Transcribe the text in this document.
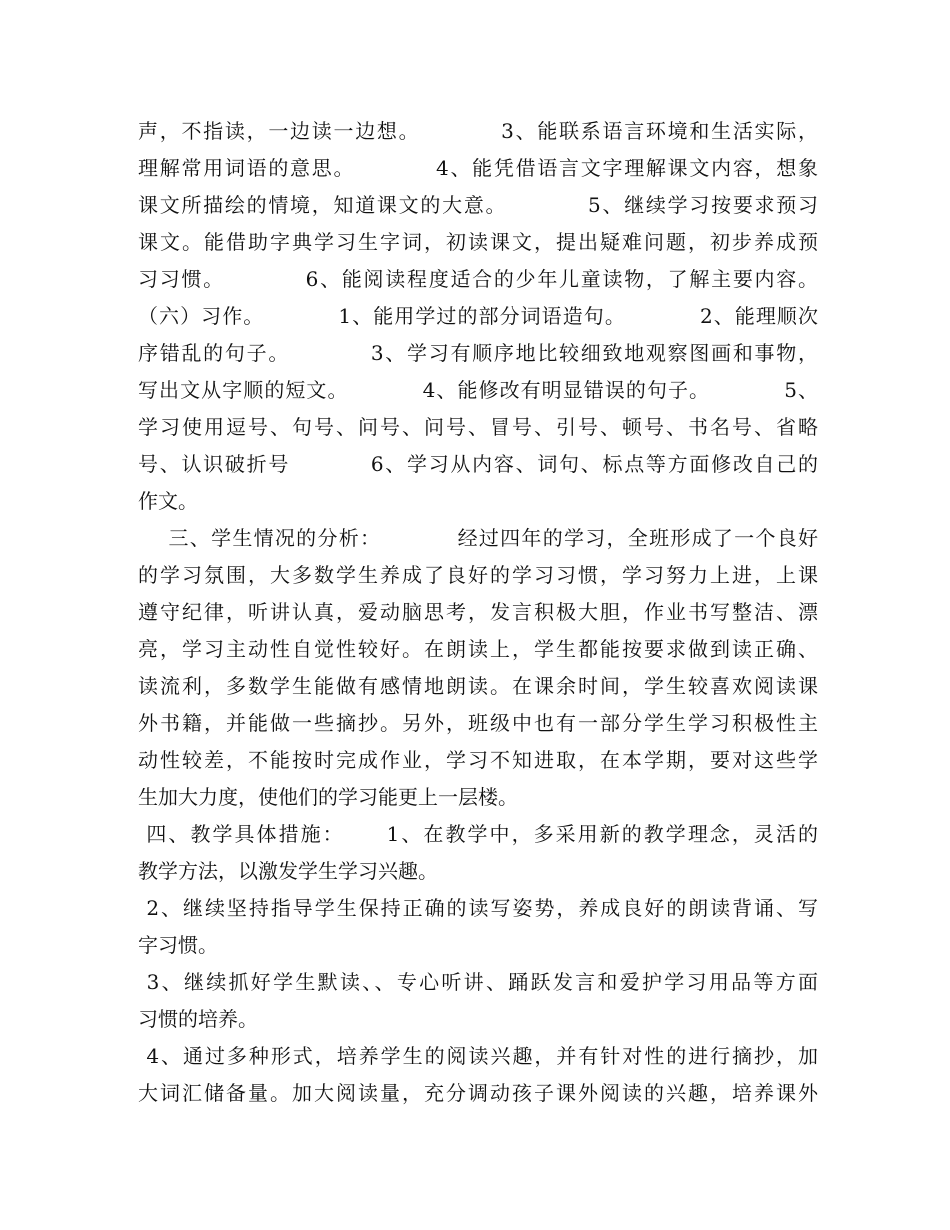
声，不指读，一边读一边想。          3、能联系语言环境和生活实际，
理解常用词语的意思。          4、能凭借语言文字理解课文内容，想象
课文所描绘的情境，知道课文的大意。          5、继续学习按要求预习
课文。能借助字典学习生字词，初读课文，提出疑难问题，初步养成预
习习惯。          6、能阅读程度适合的少年儿童读物，了解主要内容。
（六）习作。          1、能用学过的部分词语造句。          2、能理顺次
序错乱的句子。          3、学习有顺序地比较细致地观察图画和事物，
写出文从字顺的短文。          4、能修改有明显错误的句子。          5、
学习使用逗号、句号、问号、问号、冒号、引号、顿号、书名号、省略
号、认识破折号          6、学习从内容、词句、标点等方面修改自己的
作文。
三、学生情况的分析：          经过四年的学习，全班形成了一个良好
的学习氛围，大多数学生养成了良好的学习习惯，学习努力上进，上课
遵守纪律，听讲认真，爱动脑思考，发言积极大胆，作业书写整洁、漂
亮，学习主动性自觉性较好。在朗读上，学生都能按要求做到读正确、
读流利，多数学生能做有感情地朗读。在课余时间，学生较喜欢阅读课
外书籍，并能做一些摘抄。另外，班级中也有一部分学生学习积极性主
动性较差，不能按时完成作业，学习不知进取，在本学期，要对这些学
生加大力度，使他们的学习能更上一层楼。
四、教学具体措施：     1、在教学中，多采用新的教学理念，灵活的
教学方法，以激发学生学习兴趣。
2、继续坚持指导学生保持正确的读写姿势，养成良好的朗读背诵、写
字习惯。
3、继续抓好学生默读、、专心听讲、踊跃发言和爱护学习用品等方面
习惯的培养。
4、通过多种形式，培养学生的阅读兴趣，并有针对性的进行摘抄，加
大词汇储备量。加大阅读量，充分调动孩子课外阅读的兴趣，培养课外
